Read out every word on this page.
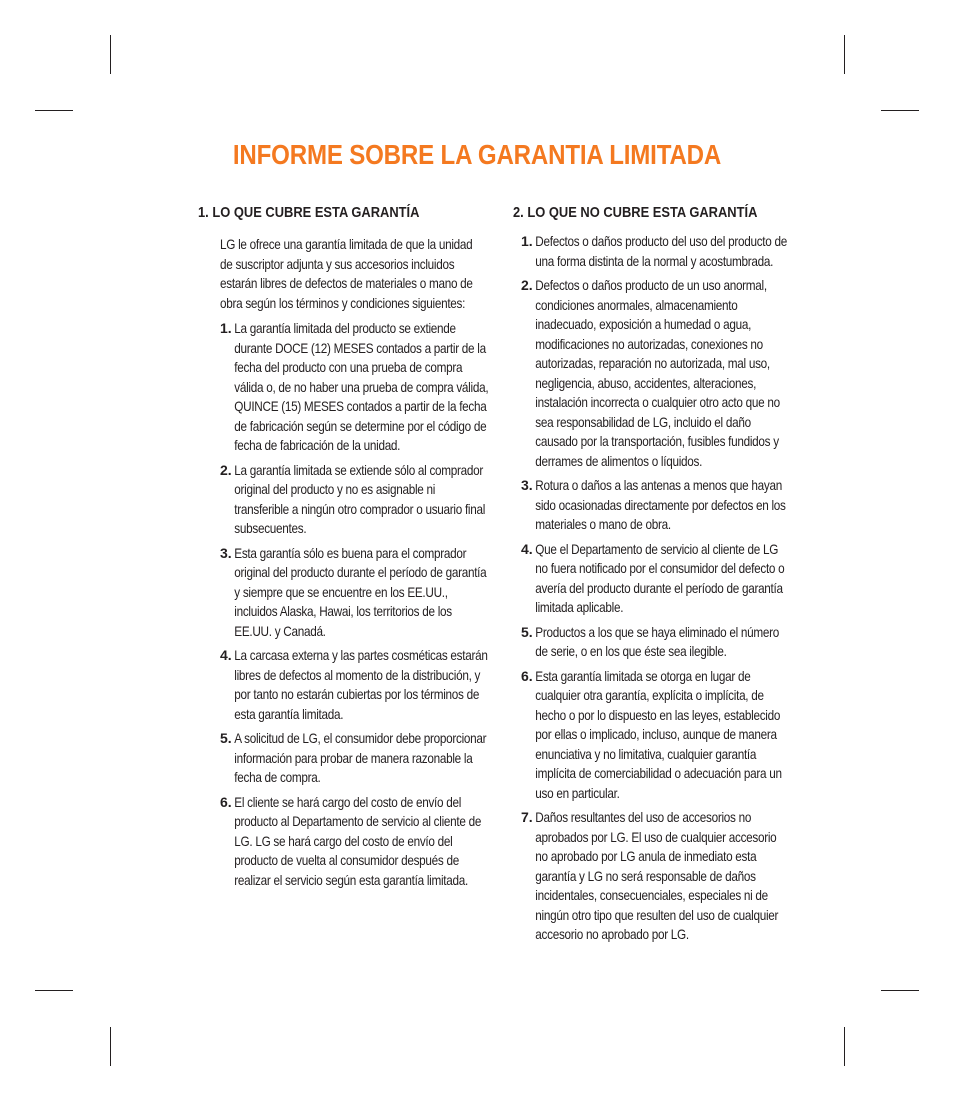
INFORME SOBRE LA GARANTIA LIMITADA
1. LO QUE CUBRE ESTA GARANTÍA
LG le ofrece una garantía limitada de que la unidad de suscriptor adjunta y sus accesorios incluidos estarán libres de defectos de materiales o mano de obra según los términos y condiciones siguientes:
1. La garantía limitada del producto se extiende durante DOCE (12) MESES contados a partir de la fecha del producto con una prueba de compra válida o, de no haber una prueba de compra válida, QUINCE (15) MESES contados a partir de la fecha de fabricación según se determine por el código de fecha de fabricación de la unidad.
2. La garantía limitada se extiende sólo al comprador original del producto y no es asignable ni transferible a ningún otro comprador o usuario final subsecuentes.
3. Esta garantía sólo es buena para el comprador original del producto durante el período de garantía y siempre que se encuentre en los EE.UU., incluidos Alaska, Hawai, los territorios de los EE.UU. y Canadá.
4. La carcasa externa y las partes cosméticas estarán libres de defectos al momento de la distribución, y por tanto no estarán cubiertas por los términos de esta garantía limitada.
5. A solicitud de LG, el consumidor debe proporcionar información para probar de manera razonable la fecha de compra.
6. El cliente se hará cargo del costo de envío del producto al Departamento de servicio al cliente de LG. LG se hará cargo del costo de envío del producto de vuelta al consumidor después de realizar el servicio según esta garantía limitada.
2. LO QUE NO CUBRE ESTA GARANTÍA
1. Defectos o daños producto del uso del producto de una forma distinta de la normal y acostumbrada.
2. Defectos o daños producto de un uso anormal, condiciones anormales, almacenamiento inadecuado, exposición a humedad o agua, modificaciones no autorizadas, conexiones no autorizadas, reparación no autorizada, mal uso, negligencia, abuso, accidentes, alteraciones, instalación incorrecta o cualquier otro acto que no sea responsabilidad de LG, incluido el daño causado por la transportación, fusibles fundidos y derrames de alimentos o líquidos.
3. Rotura o daños a las antenas a menos que hayan sido ocasionadas directamente por defectos en los materiales o mano de obra.
4. Que el Departamento de servicio al cliente de LG no fuera notificado por el consumidor del defecto o avería del producto durante el período de garantía limitada aplicable.
5. Productos a los que se haya eliminado el número de serie, o en los que éste sea ilegible.
6. Esta garantía limitada se otorga en lugar de cualquier otra garantía, explícita o implícita, de hecho o por lo dispuesto en las leyes, establecido por ellas o implicado, incluso, aunque de manera enunciativa y no limitativa, cualquier garantía implícita de comerciabilidad o adecuación para un uso en particular.
7. Daños resultantes del uso de accesorios no aprobados por LG. El uso de cualquier accesorio no aprobado por LG anula de inmediato esta garantía y LG no será responsable de daños incidentales, consecuenciales, especiales ni de ningún otro tipo que resulten del uso de cualquier accesorio no aprobado por LG.
